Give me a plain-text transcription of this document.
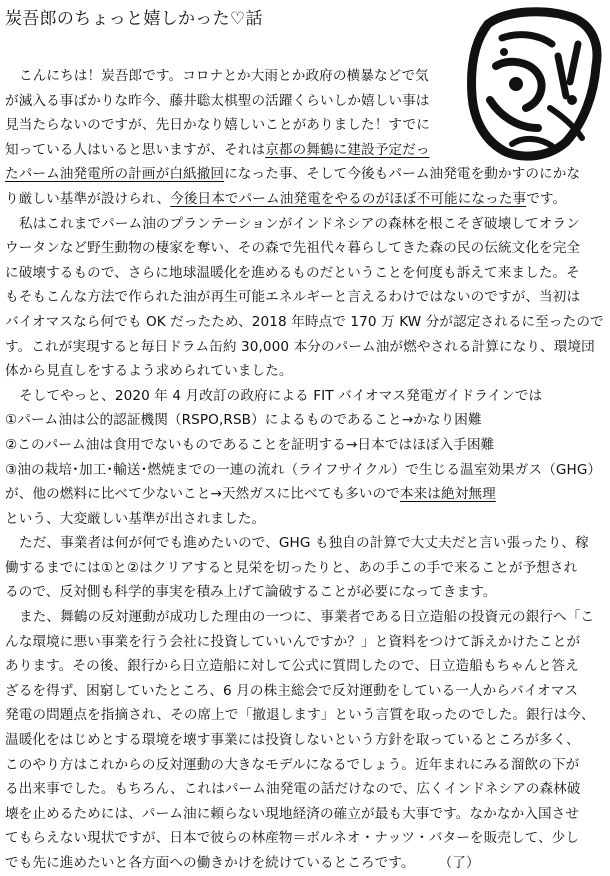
炭吾郎のちょっと嬉しかった♡話
こんにちは！炭吾郎です。コロナとか大雨とか政府の横暴などで気
が滅入る事ばかりな昨今、藤井聡太棋聖の活躍くらいしか嬉しい事は
見当たらないのですが、先日かなり嬉しいことがありました！すでに
知っている人はいると思いますが、それは京都の舞鶴に建設予定だっ
たパーム油発電所の計画が白紙撤回になった事、そして今後もパーム油発電を動かすのにかな
り厳しい基準が設けられ、今後日本でパーム油発電をやるのがほぼ不可能になった事です。
私はこれまでパーム油のプランテーションがインドネシアの森林を根こそぎ破壊してオラン
ウータンなど野生動物の棲家を奪い、その森で先祖代々暮らしてきた森の民の伝統文化を完全
に破壊するもので、さらに地球温暖化を進めるものだということを何度も訴えて来ました。そ
もそもこんな方法で作られた油が再生可能エネルギーと言えるわけではないのですが、当初は
バイオマスなら何でも OK だったため、2018 年時点で 170 万 KW 分が認定されるに至ったので
す。これが実現すると毎日ドラム缶約 30,000 本分のパーム油が燃やされる計算になり、環境団
体から見直しをするよう求められていました。
そしてやっと、2020 年 4 月改訂の政府による FIT バイオマス発電ガイドラインでは
①パーム油は公的認証機関（RSPO,RSB）によるものであること→かなり困難
②このパーム油は食用でないものであることを証明する→日本ではほぼ入手困難
③油の栽培･加工･輸送･燃焼までの一連の流れ（ライフサイクル）で生じる温室効果ガス（GHG）
が、他の燃料に比べて少ないこと→天然ガスに比べても多いので本来は絶対無理
という、大変厳しい基準が出されました。
ただ、事業者は何が何でも進めたいので、GHG も独自の計算で大丈夫だと言い張ったり、稼
働するまでには①と②はクリアすると見栄を切ったりと、あの手この手で来ることが予想され
るので、反対側も科学的事実を積み上げて論破することが必要になってきます。
また、舞鶴の反対運動が成功した理由の一つに、事業者である日立造船の投資元の銀行へ「こ
んな環境に悪い事業を行う会社に投資していいんですか？」と資料をつけて訴えかけたことが
あります。その後、銀行から日立造船に対して公式に質問したので、日立造船もちゃんと答え
ざるを得ず、困窮していたところ、6 月の株主総会で反対運動をしている一人からバイオマス
発電の問題点を指摘され、その席上で「撤退します」という言質を取ったのでした。銀行は今、
温暖化をはじめとする環境を壊す事業には投資しないという方針を取っているところが多く、
このやり方はこれからの反対運動の大きなモデルになるでしょう。近年まれにみる溜飲の下が
る出来事でした。もちろん、これはパーム油発電の話だけなので、広くインドネシアの森林破
壊を止めるためには、パーム油に頼らない現地経済の確立が最も大事です。なかなか入国させ
てもらえない現状ですが、日本で彼らの林産物＝ボルネオ・ナッツ・バターを販売して、少し
でも先に進めたいと各方面への働きかけを続けているところです。 （了）
